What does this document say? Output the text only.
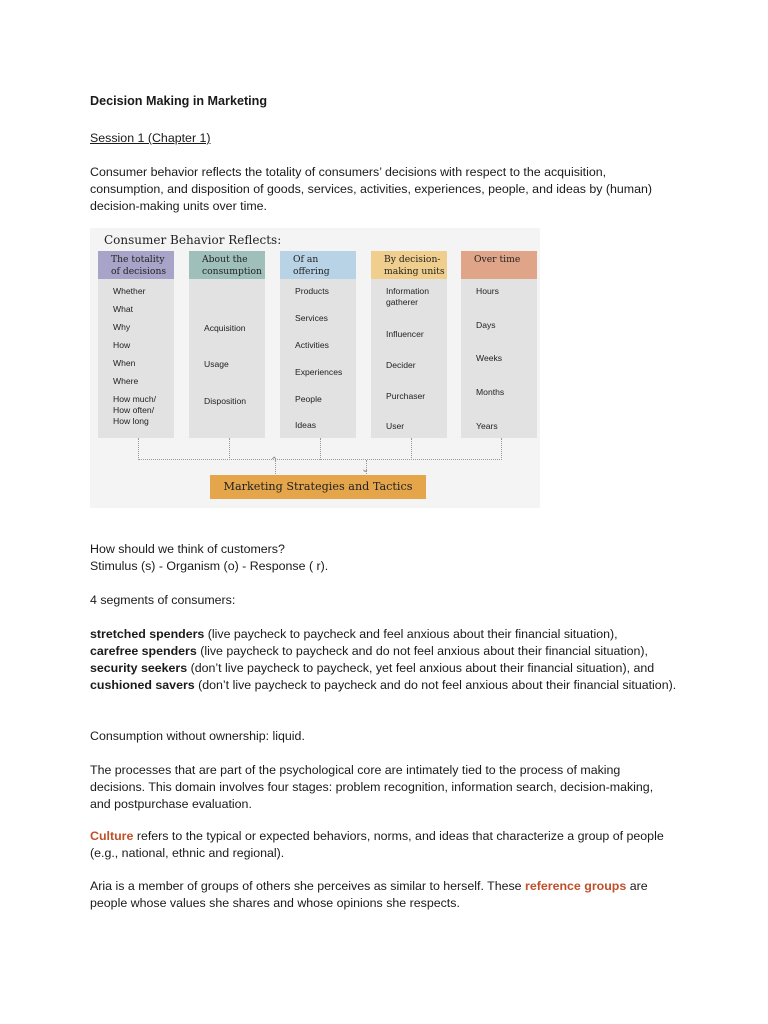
Decision Making in Marketing

Session 1 (Chapter 1)

Consumer behavior reflects the totality of consumers’ decisions with respect to the acquisition, consumption, and disposition of goods, services, activities, experiences, people, and ideas by (human) decision-making units over time.

How should we think of customers?

Stimulus (s) - Organism (o) - Response ( r).

4 segments of consumers:

stretched spenders (live paycheck to paycheck and feel anxious about their financial situation),
carefree spenders (live paycheck to paycheck and do not feel anxious about their financial situation),
security seekers (don’t live paycheck to paycheck, yet feel anxious about their financial situation), and
cushioned savers (don’t live paycheck to paycheck and do not feel anxious about their financial situation).

Consumption without ownership: liquid.

The processes that are part of the psychological core are intimately tied to the process of making decisions. This domain involves four stages: problem recognition, information search, decision-making, and postpurchase evaluation.

Culture refers to the typical or expected behaviors, norms, and ideas that characterize a group of people (e.g., national, ethnic and regional).

Aria is a member of groups of others she perceives as similar to herself. These reference groups are people whose values she shares and whose opinions she respects.

Consumer Behavior Reflects:
The totality of decisions
Whether
What
Why
How
When
Where
How much/
How often/
How long
About the consumption
Acquisition
Usage
Disposition
Of an offering
Products
Services
Activities
Experiences
People
Ideas
By decision-making units
Information
gatherer
Influencer
Decider
Purchaser
User
Over time
Hours
Days
Weeks
Months
Years
⌃
⌄
Marketing Strategies and Tactics
